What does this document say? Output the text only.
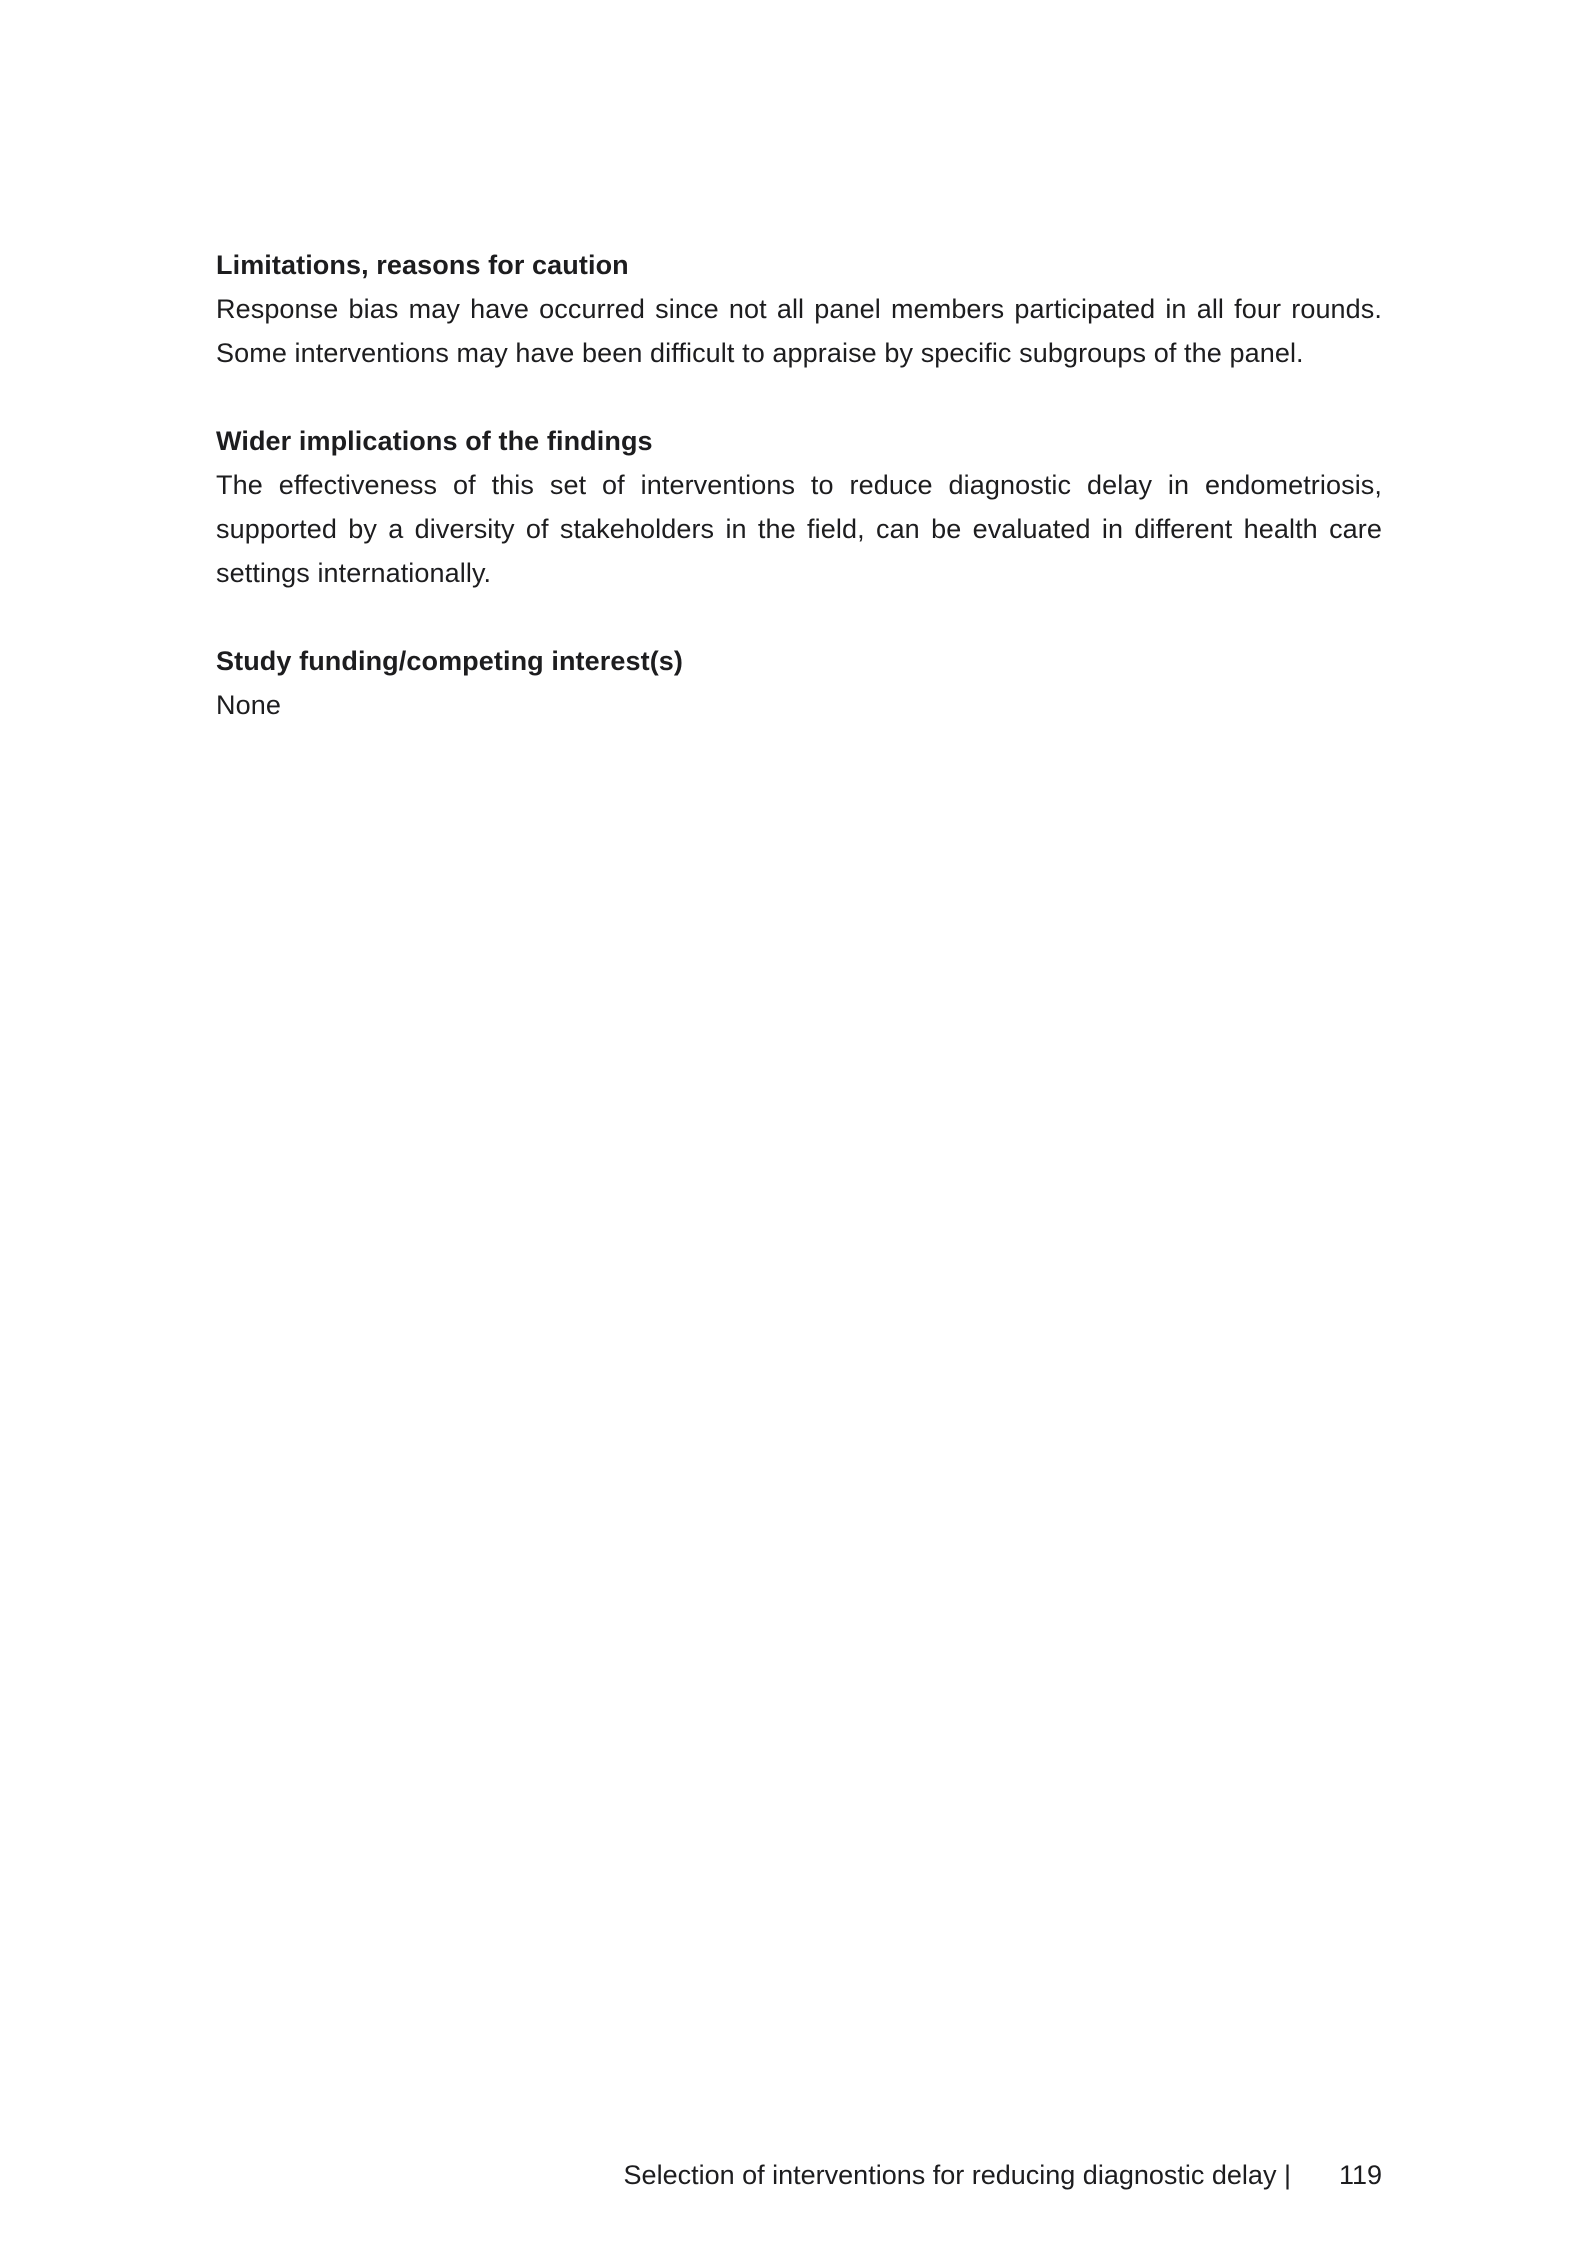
Limitations, reasons for caution

Response bias may have occurred since not all panel members participated in all four rounds. Some interventions may have been difficult to appraise by specific subgroups of the panel.

Wider implications of the findings

The effectiveness of this set of interventions to reduce diagnostic delay in endometriosis, supported by a diversity of stakeholders in the field, can be evaluated in different health care settings internationally.

Study funding/competing interest(s)

None

Selection of interventions for reducing diagnostic delay | 119
